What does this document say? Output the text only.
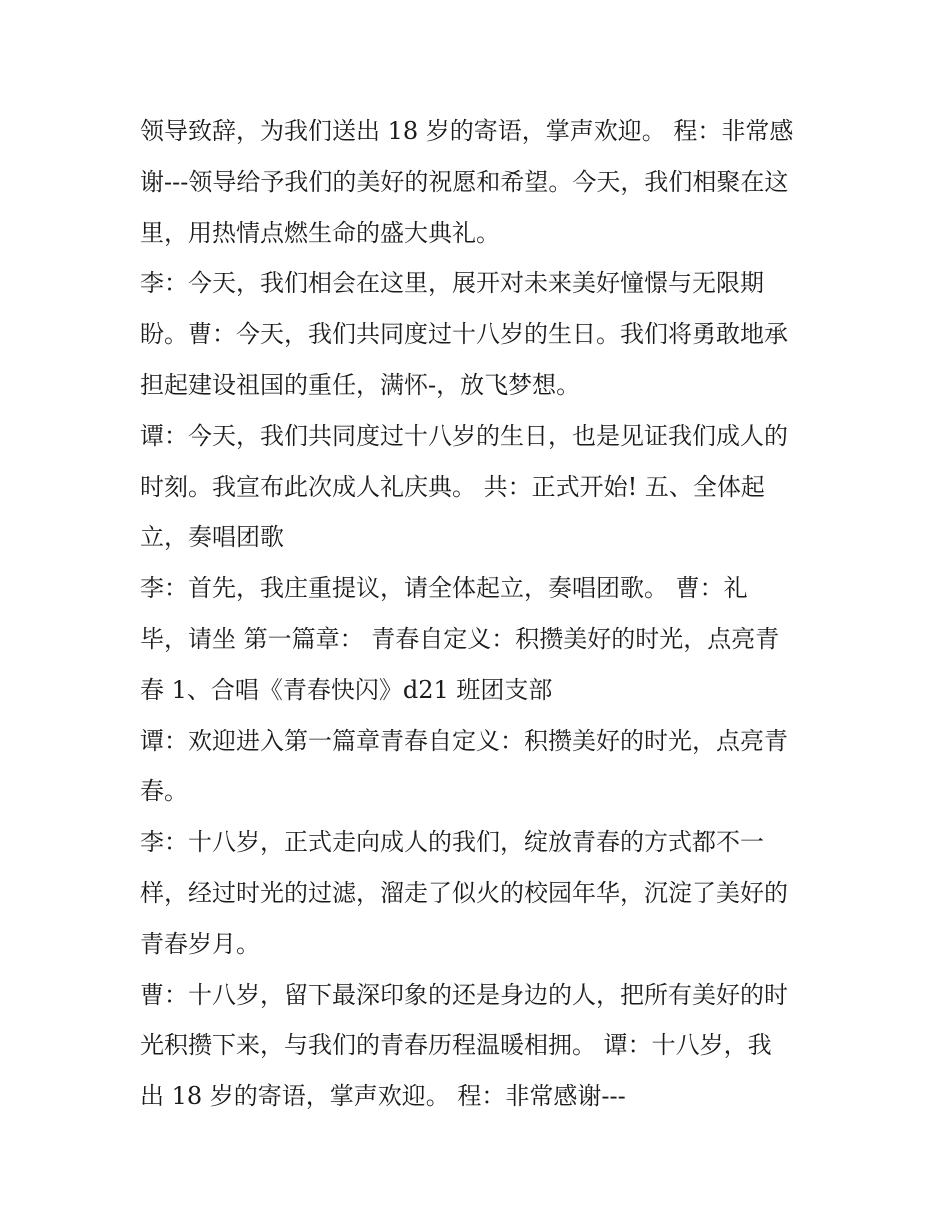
领导致辞，为我们送出 18 岁的寄语，掌声欢迎。 程：非常感
谢---领导给予我们的美好的祝愿和希望。今天，我们相聚在这
里，用热情点燃生命的盛大典礼。
李：今天，我们相会在这里，展开对未来美好憧憬与无限期
盼。曹：今天，我们共同度过十八岁的生日。我们将勇敢地承
担起建设祖国的重任，满怀-，放飞梦想。
谭：今天，我们共同度过十八岁的生日，也是见证我们成人的
时刻。我宣布此次成人礼庆典。 共：正式开始! 五、全体起
立，奏唱团歌
李：首先，我庄重提议，请全体起立，奏唱团歌。 曹：礼
毕，请坐 第一篇章： 青春自定义：积攒美好的时光，点亮青
春 1、合唱《青春快闪》d21 班团支部
谭：欢迎进入第一篇章青春自定义：积攒美好的时光，点亮青
春。
李：十八岁，正式走向成人的我们，绽放青春的方式都不一
样，经过时光的过滤，溜走了似火的校园年华，沉淀了美好的
青春岁月。
曹：十八岁，留下最深印象的还是身边的人，把所有美好的时
光积攒下来，与我们的青春历程温暖相拥。 谭：十八岁，我
出 18 岁的寄语，掌声欢迎。 程：非常感谢---
